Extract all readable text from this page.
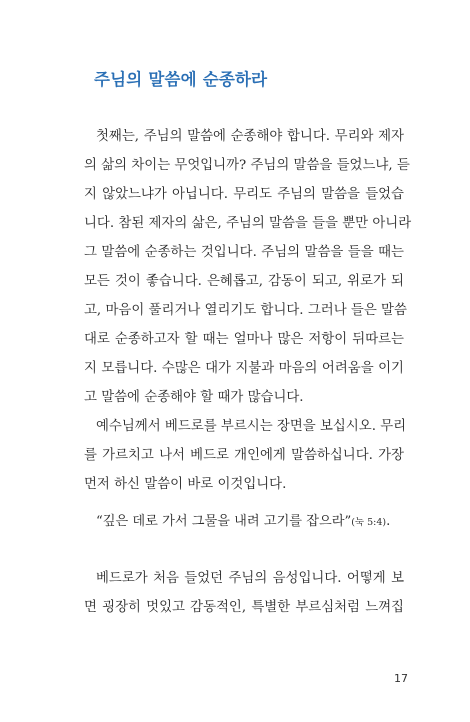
주님의 말씀에 순종하라
첫째는, 주님의 말씀에 순종해야 합니다. 무리와 제자
의 삶의 차이는 무엇입니까? 주님의 말씀을 들었느냐, 듣
지 않았느냐가 아닙니다. 무리도 주님의 말씀을 들었습
니다. 참된 제자의 삶은, 주님의 말씀을 들을 뿐만 아니라
그 말씀에 순종하는 것입니다. 주님의 말씀을 들을 때는
모든 것이 좋습니다. 은혜롭고, 감동이 되고, 위로가 되
고, 마음이 풀리거나 열리기도 합니다. 그러나 들은 말씀
대로 순종하고자 할 때는 얼마나 많은 저항이 뒤따르는
지 모릅니다. 수많은 대가 지불과 마음의 어려움을 이기
고 말씀에 순종해야 할 때가 많습니다.
예수님께서 베드로를 부르시는 장면을 보십시오. 무리
를 가르치고 나서 베드로 개인에게 말씀하십니다. 가장
먼저 하신 말씀이 바로 이것입니다.
“깊은 데로 가서 그물을 내려 고기를 잡으라”(눅 5:4).
베드로가 처음 들었던 주님의 음성입니다. 어떻게 보
면 굉장히 멋있고 감동적인, 특별한 부르심처럼 느껴집
17
